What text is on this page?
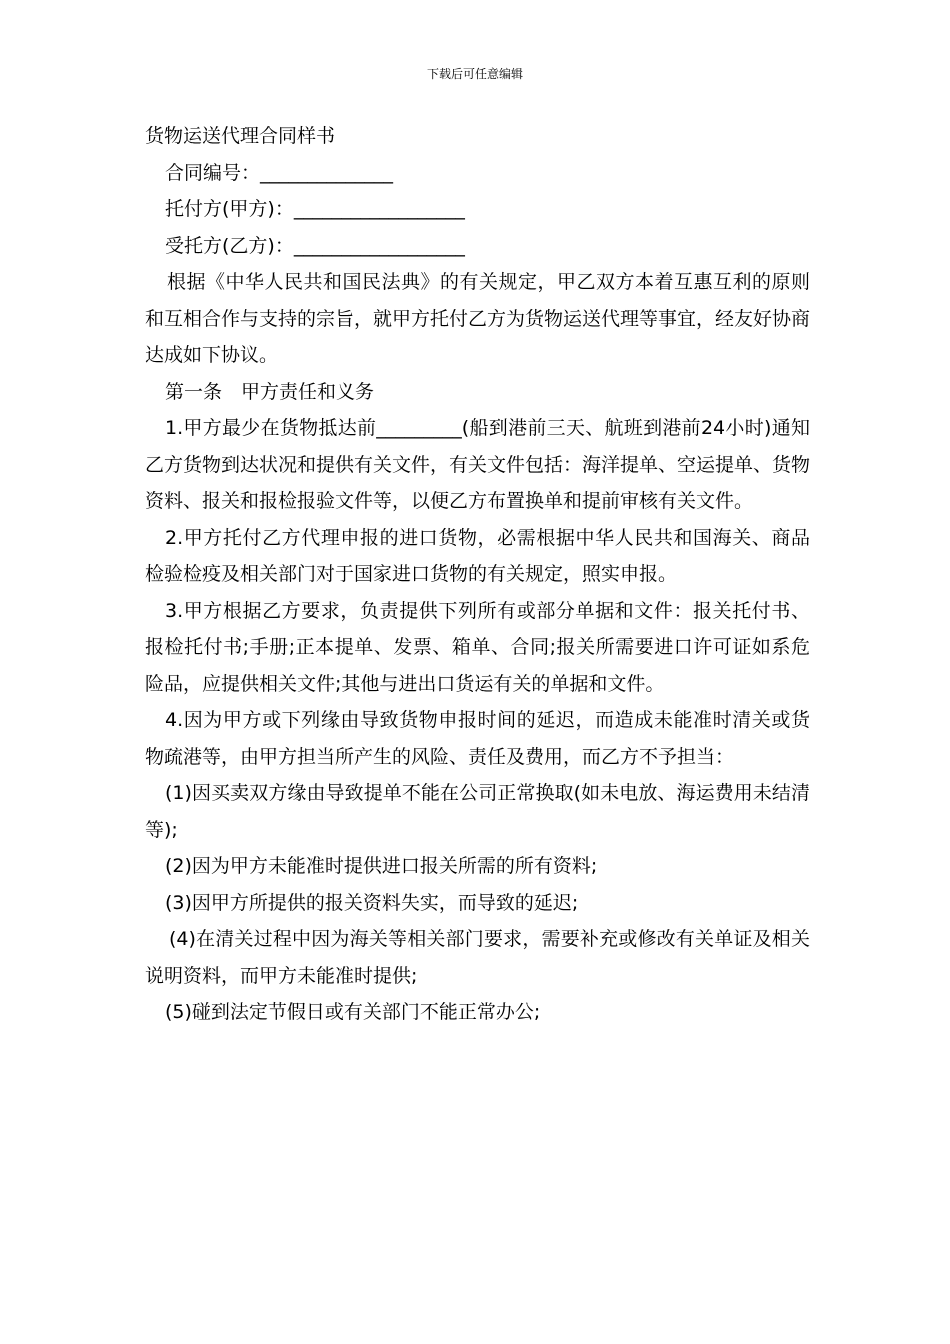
下载后可任意编辑

货物运送代理合同样书

合同编号：______________

托付方(甲方)：__________________

受托方(乙方)：__________________

根据《中华人民共和国民法典》的有关规定，甲乙双方本着互惠互利的原则和互相合作与支持的宗旨，就甲方托付乙方为货物运送代理等事宜，经友好协商达成如下协议。

第一条　甲方责任和义务

1.甲方最少在货物抵达前_________(船到港前三天、航班到港前24小时)通知乙方货物到达状况和提供有关文件，有关文件包括：海洋提单、空运提单、货物资料、报关和报检报验文件等，以便乙方布置换单和提前审核有关文件。

2.甲方托付乙方代理申报的进口货物，必需根据中华人民共和国海关、商品检验检疫及相关部门对于国家进口货物的有关规定，照实申报。

3.甲方根据乙方要求，负责提供下列所有或部分单据和文件：报关托付书、报检托付书;手册;正本提单、发票、箱单、合同;报关所需要进口许可证如系危险品，应提供相关文件;其他与进出口货运有关的单据和文件。

4.因为甲方或下列缘由导致货物申报时间的延迟，而造成未能准时清关或货物疏港等，由甲方担当所产生的风险、责任及费用，而乙方不予担当：

(1)因买卖双方缘由导致提单不能在公司正常换取(如未电放、海运费用未结清等);

(2)因为甲方未能准时提供进口报关所需的所有资料;

(3)因甲方所提供的报关资料失实，而导致的延迟;

(4)在清关过程中因为海关等相关部门要求，需要补充或修改有关单证及相关说明资料，而甲方未能准时提供;

(5)碰到法定节假日或有关部门不能正常办公;
